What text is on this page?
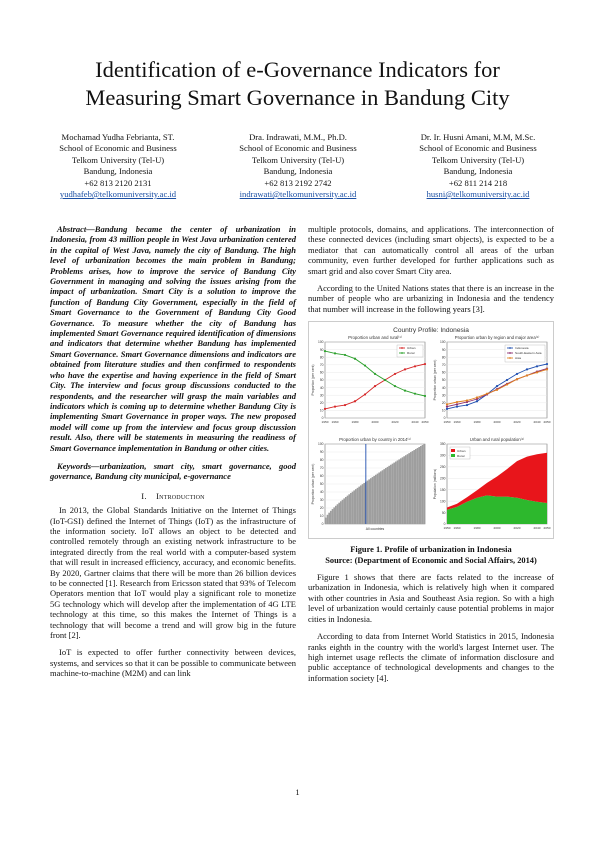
Identification of e-Governance Indicators for
Measuring Smart Governance in Bandung City
Mochamad Yudha Febrianta, ST.
School of Economic and Business
Telkom University (Tel-U)
Bandung, Indonesia
+62 813 2120 2131
yudhafeb@telkomuniversity.ac.id
Dra. Indrawati, M.M., Ph.D.
School of Economic and Business
Telkom University (Tel-U)
Bandung, Indonesia
+62 813 2192 2742
indrawati@telkomuniversity.ac.id
Dr. Ir. Husni Amani, M.M, M.Sc.
School of Economic and Business
Telkom University (Tel-U)
Bandung, Indonesia
+62 811 214 218
husni@telkomuniversity.ac.id
Abstract—Bandung became the center of urbanization in Indonesia, from 43 million people in West Java urbanization centered in the capital of West Java, namely the city of Bandung. The high level of urbanization becomes the main problem in Bandung; Problems arises, how to improve the service of Bandung City Government in managing and solving the issues arising from the impact of urbanization. Smart City is a solution to improve the function of Bandung City Government, especially in the field of Smart Governance to the Government of Bandung City Good Governance. To measure whether the city of Bandung has implemented Smart Governance required identification of dimensions and indicators that determine whether Bandung has implemented Smart Governance. Smart Governance dimensions and indicators are obtained from literature studies and then confirmed to respondents who have the expertise and having experience in the field of Smart City. The interview and focus group discussions conducted to the respondents, and the researcher will grasp the main variables and indicators which is coming up to determine whether Bandung City is implementing Smart Governance in proper ways. The new proposed model will come up from the interview and focus group discussion result. Also, there will be statements in measuring the readiness of Smart Governance implementation in Bandung or other cities.
Keywords—urbanization, smart city, smart governance, good governance, Bandung city municipal, e-governance
I. Introduction

In 2013, the Global Standards Initiative on the Internet of Things (IoT-GSI) defined the Internet of Things (IoT) as the infrastructure of the information society. IoT allows an object to be detected and controlled remotely through an existing network infrastructure to be integrated directly from the real world with a computer-based system that will result in increased efficiency, accuracy, and economic benefits. By 2020, Gartner claims that there will be more than 26 billion devices to be connected [1]. Research from Ericsson stated that 93% of Telecom Operators mention that IoT would play a significant role to monetize 5G technology which will develop after the implementation of 4G LTE technology at this time, so this makes the Internet of Things is a technology that will become a trend and will grow big in the future front [2].

IoT is expected to offer further connectivity between devices, systems, and services so that it can be possible to communicate between machine-to-machine (M2M) and can link

multiple protocols, domains, and applications. The interconnection of these connected devices (including smart objects), is expected to be a mediator that can automatically control all areas of the urban community, even further developed for further applications such as smart grid and also cover Smart City area.

According to the United Nations states that there is an increase in the number of people who are urbanizing in Indonesia and the tendency that number will increase in the following years [3].

Country Profile: Indonesia
Proportion urban and rural⁽¹⁾
0
10
20
30
40
50
60
70
80
90
100
Proportion (per cent)
1950 1960	1980	2000	2020	2040 2050
Urban
Rural
Proportion urban by region and major area⁽¹⁾
0
10
20
30
40
50
60
70
80
90
100
Proportion urban (per cent)
1950 1960	1980	2000	2020	2040 2050
Indonesia
South-Eastern Asia
Asia
Proportion urban by country in 2014⁽¹⁾
0
10
20
30
40
50
60
70
80
90
100
Proportion urban (per cent)
All countries
Urban and rural population⁽¹⁾
0
50
100
150
200
250
300
350
Population (millions)
1950 1960	1980	2000	2020	2040 2050
Urban
Rural
Figure 1. Profile of urbanization in Indonesia
Source: (Department of Economic and Social Affairs, 2014)

Figure 1 shows that there are facts related to the increase of urbanization in Indonesia, which is relatively high when it compared with other countries in Asia and Southeast Asia region. So with a high level of urbanization would certainly cause potential problems in major cities in Indonesia.

According to data from Internet World Statistics in 2015, Indonesia ranks eighth in the country with the world's largest Internet user. The high internet usage reflects the climate of information disclosure and public acceptance of technological developments and changes to the information society [4].

1
